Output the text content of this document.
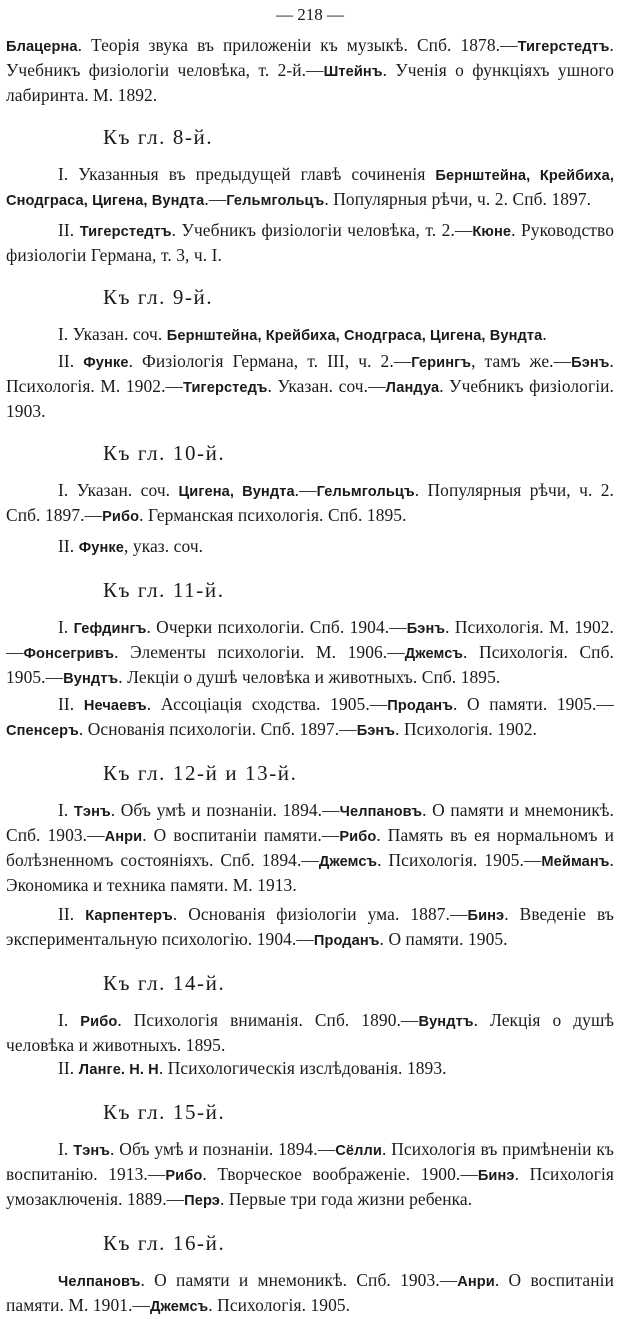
— 218 —

Блацерна. Теорiя звука въ приложенiи къ музыкѣ. Спб. 1878.—Тигерстедтъ. Учебникъ физiологiи человѣка, т. 2-й.—Штейнъ. Ученiя о функцiяхъ ушного лабиринта. М. 1892.

Къ гл. 8-й.

I. Указанныя въ предыдущей главѣ сочиненiя Бернштейна, Крейбиха, Снодграса, Цигена, Вундта.—Гельмгольцъ. Популярныя рѣчи, ч. 2. Спб. 1897.

II. Тигерстедтъ. Учебникъ физiологiи человѣка, т. 2.—Кюне. Руководство физiологiи Германа, т. 3, ч. I.

Къ гл. 9-й.

I. Указан. соч. Бернштейна, Крейбиха, Снодграса, Цигена, Вундта.

II. Функе. Физiологiя Германа, т. III, ч. 2.—Герингъ, тамъ же.—Бэнъ. Психологiя. М. 1902.—Тигерстедъ. Указан. соч.—Ландуа. Учебникъ физiологiи. 1903.

Къ гл. 10-й.

I. Указан. соч. Цигена, Вундта.—Гельмгольцъ. Популярныя рѣчи, ч. 2. Спб. 1897.—Рибо. Германская психологiя. Спб. 1895.

II. Функе, указ. соч.

Къ гл. 11-й.

I. Гефдингъ. Очерки психологiи. Спб. 1904.—Бэнъ. Психологiя. М. 1902.—Фонсегривъ. Элементы психологiи. М. 1906.—Джемсъ. Психологiя. Спб. 1905.—Вундтъ. Лекцiи о душѣ человѣка и животныхъ. Спб. 1895.

II. Нечаевъ. Ассоцiацiя сходства. 1905.—Проданъ. О памяти. 1905.—Спенсеръ. Основанiя психологiи. Спб. 1897.—Бэнъ. Психологiя. 1902.

Къ гл. 12-й и 13-й.

I. Тэнъ. Объ умѣ и познанiи. 1894.—Челпановъ. О памяти и мнемоникѣ. Спб. 1903.—Анри. О воспитанiи памяти.—Рибо. Память въ ея нормальномъ и болѣзненномъ состоянiяхъ. Спб. 1894.—Джемсъ. Психологiя. 1905.—Мейманъ. Экономика и техника памяти. М. 1913.

II. Карпентеръ. Основанiя физiологiи ума. 1887.—Бинэ. Введенiе въ экспериментальную психологiю. 1904.—Проданъ. О памяти. 1905.

Къ гл. 14-й.

I. Рибо. Психологiя вниманiя. Спб. 1890.—Вундтъ. Лекцiя о душѣ человѣка и животныхъ. 1895.

II. Ланге. Н. Н. Психологическiя изслѣдованiя. 1893.

Къ гл. 15-й.

I. Тэнъ. Объ умѣ и познанiи. 1894.—Сёлли. Психологiя въ примѣненiи къ воспитанiю. 1913.—Рибо. Творческое воображенiе. 1900.—Бинэ. Психологiя умозаключенiя. 1889.—Перэ. Первые три года жизни ребенка.

Къ гл. 16-й.

Челпановъ. О памяти и мнемоникѣ. Спб. 1903.—Анри. О воспитанiи памяти. М. 1901.—Джемсъ. Психологiя. 1905.
